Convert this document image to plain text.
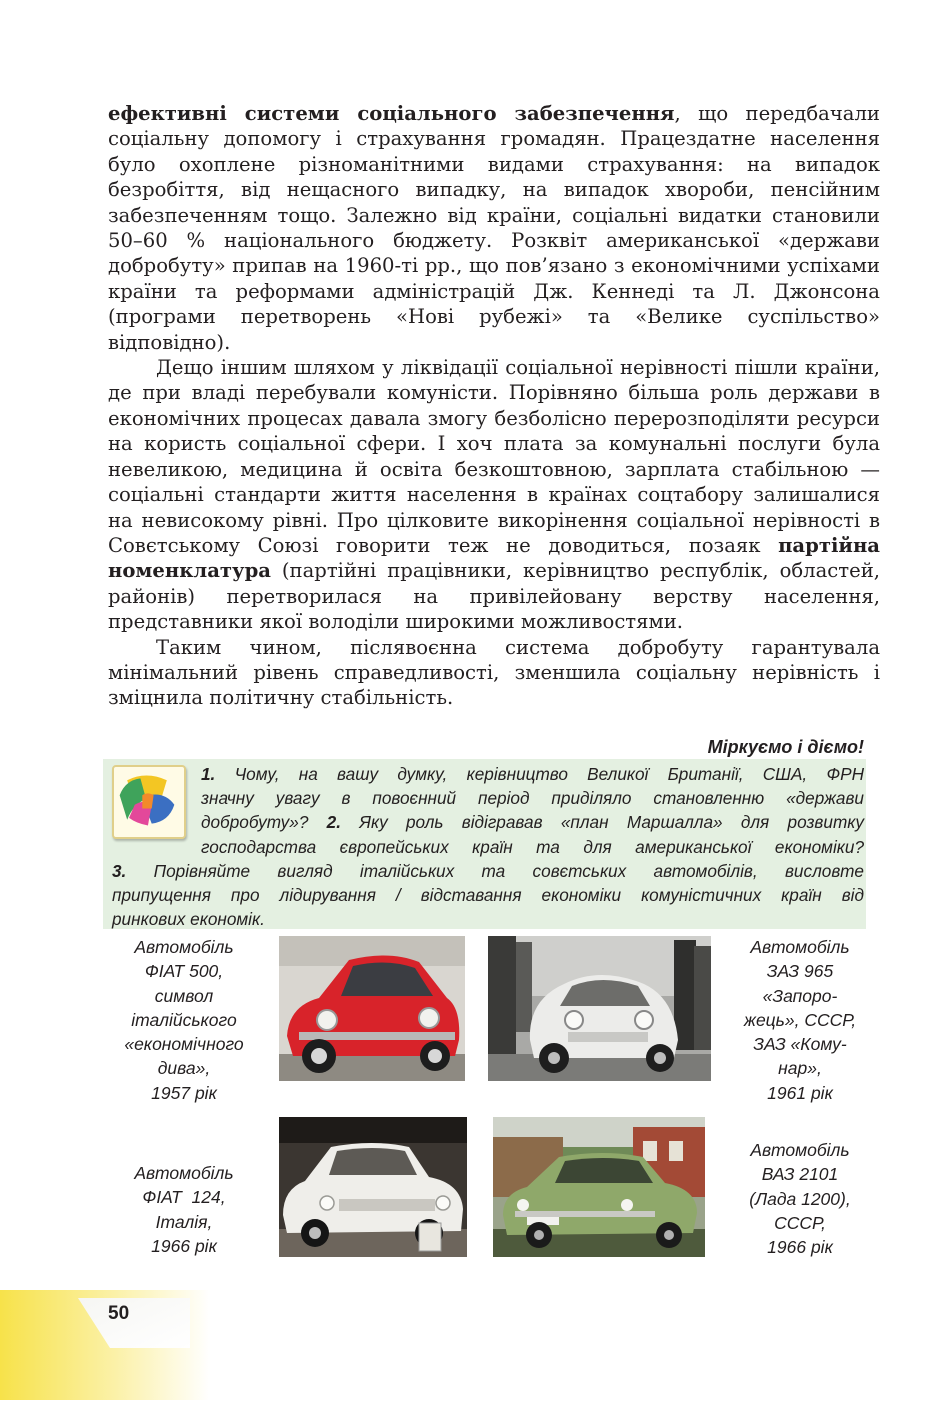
ефективні системи соціального забезпечення, що передбачали соціальну допомогу і страхування громадян. Працездатне населення було охоплене різноманітними видами страхування: на випадок безробіття, від нещасного випадку, на випадок хвороби, пенсійним забезпеченням тощо. Залежно від країни, соціальні видатки становили 50–60 % національного бюджету. Розквіт американської «держави добробуту» припав на 1960-ті рр., що пов’язано з економічними успіхами країни та реформами адміністрацій Дж. Кеннеді та Л. Джонсона (програми перетворень «Нові рубежі» та «Велике суспільство» відповідно).

Дещо іншим шляхом у ліквідації соціальної нерівності пішли країни, де при владі перебували комуністи. Порівняно більша роль держави в економічних процесах давала змогу безболісно перерозподіляти ресурси на користь соціальної сфери. І хоч плата за комунальні послуги була невеликою, медицина й освіта безкоштовною, зарплата стабільною — соціальні стандарти життя населення в країнах соцтабору залишалися на невисокому рівні. Про цілковите викорінення соціальної нерівності в Совєтському Союзі говорити теж не доводиться, позаяк партійна номенклатура (партійні працівники, керівництво республік, областей, районів) перетворилася на привілейовану верству населення, представники якої володіли широкими можливостями.

Таким чином, післявоєнна система добробуту гарантувала мінімальний рівень справедливості, зменшила соціальну нерівність і зміцнила політичну стабільність.

Міркуємо і діємо!
1. Чому, на вашу думку, керівництво Великої Британії, США, ФРН
значну увагу в повоєнний період приділяло становленню «держави
добробуту»? 2. Яку роль відігравав «план Маршалла» для розвитку
господарства європейських країн та для американської економіки?
3. Порівняйте вигляд італійських та совєтських автомобілів, висловте
припущення про лідирування / відставання економіки комуністичних країн від
ринкових економік.
Автомобіль
ФІАТ 500,
символ
італійського
«економічного
дива»,
1957 рік
Автомобіль
ЗАЗ 965
«Запоро-
жець», СССР,
ЗАЗ «Кому-
нар»,
1961 рік
Автомобіль
ФІАТ  124,
Італія,
1966 рік
Автомобіль
ВАЗ 2101
(Лада 1200),
СССР,
1966 рік
50
